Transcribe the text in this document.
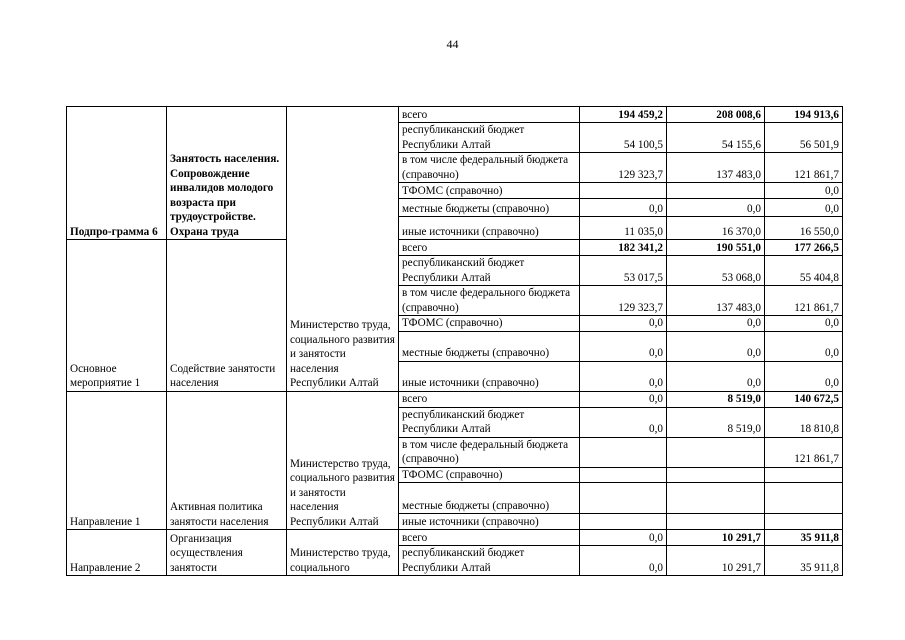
44
Подпро-грамма 6	Занятость населения. Сопровождение инвалидов молодого возраста при трудоустройстве. Охрана труда	Министерство труда, социального развития и занятости населения Республики Алтай	всего	194 459,2	208 008,6	194 913,6
			республиканский бюджет Республики Алтай	54 100,5	54 155,6	56 501,9
			в том числе федеральный бюджета (справочно)	129 323,7	137 483,0	121 861,7
			ТФОМС (справочно)			0,0
			местные бюджеты (справочно)	0,0	0,0	0,0
			иные источники (справочно)	11 035,0	16 370,0	16 550,0
Основное мероприятие 1	Содействие занятости населения		всего	182 341,2	190 551,0	177 266,5
			республиканский бюджет Республики Алтай	53 017,5	53 068,0	55 404,8
			в том числе федерального бюджета (справочно)	129 323,7	137 483,0	121 861,7
			ТФОМС (справочно)	0,0	0,0	0,0
			местные бюджеты (справочно)	0,0	0,0	0,0
			иные источники (справочно)	0,0	0,0	0,0
Направление 1	Активная политика занятости населения	Министерство труда, социального развития и занятости населения Республики Алтай	всего	0,0	8 519,0	140 672,5
			республиканский бюджет Республики Алтай	0,0	8 519,0	18 810,8
			в том числе федеральный бюджета (справочно)			121 861,7
			ТФОМС (справочно)			
			местные бюджеты (справочно)			
			иные источники (справочно)			
Направление 2	Организация осуществления занятости	Министерство труда, социального	всего	0,0	10 291,7	35 911,8
			республиканский бюджет Республики Алтай	0,0	10 291,7	35 911,8
